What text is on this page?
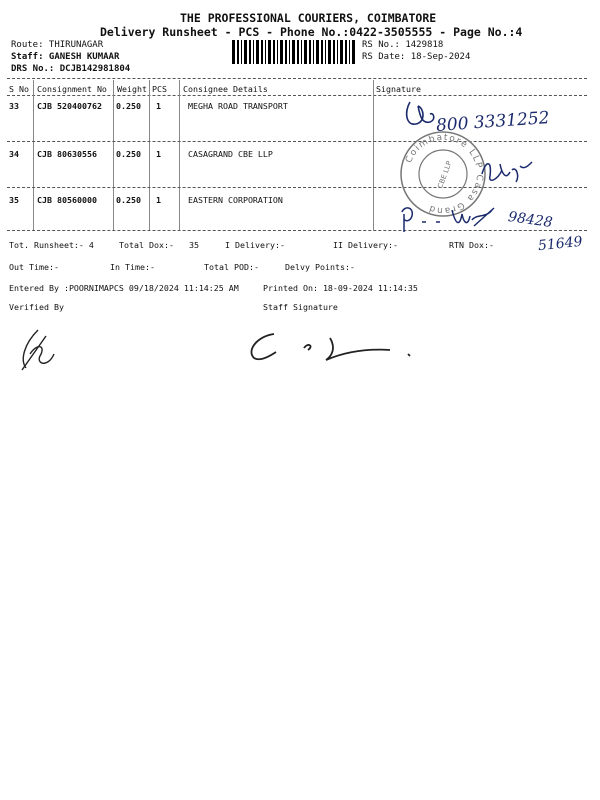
THE PROFESSIONAL COURIERS, COIMBATORE
Delivery Runsheet - PCS - Phone No.:0422-3505555 - Page No.:4
Route: THIRUNAGAR
Staff: GANESH KUMAAR
DRS No.: DCJB142981804
RS No.: 1429818
RS Date: 18-Sep-2024
S No Consignment No Weight PCS Consignee Details	Signature
33 CJB 520400762 0.250 1	MEGHA ROAD TRANSPORT
34 CJB 80630556 0.250 1	CASAGRAND CBE LLP
35 CJB 80560000 0.250 1	EASTERN CORPORATION
800 3331252
Coimbatore LLP Casa Grand
CBE LLP
98428
Tot. Runsheet:- 4	Total Dox:- 35	I Delivery:-	II Delivery:-	RTN Dox:-	51649
Out Time:-	In Time:-	Total POD:-	Delvy Points:-
Entered By :POORNIMAPCS 09/18/2024 11:14:25 AM	Printed On: 18-09-2024 11:14:35
Verified By	Staff Signature
